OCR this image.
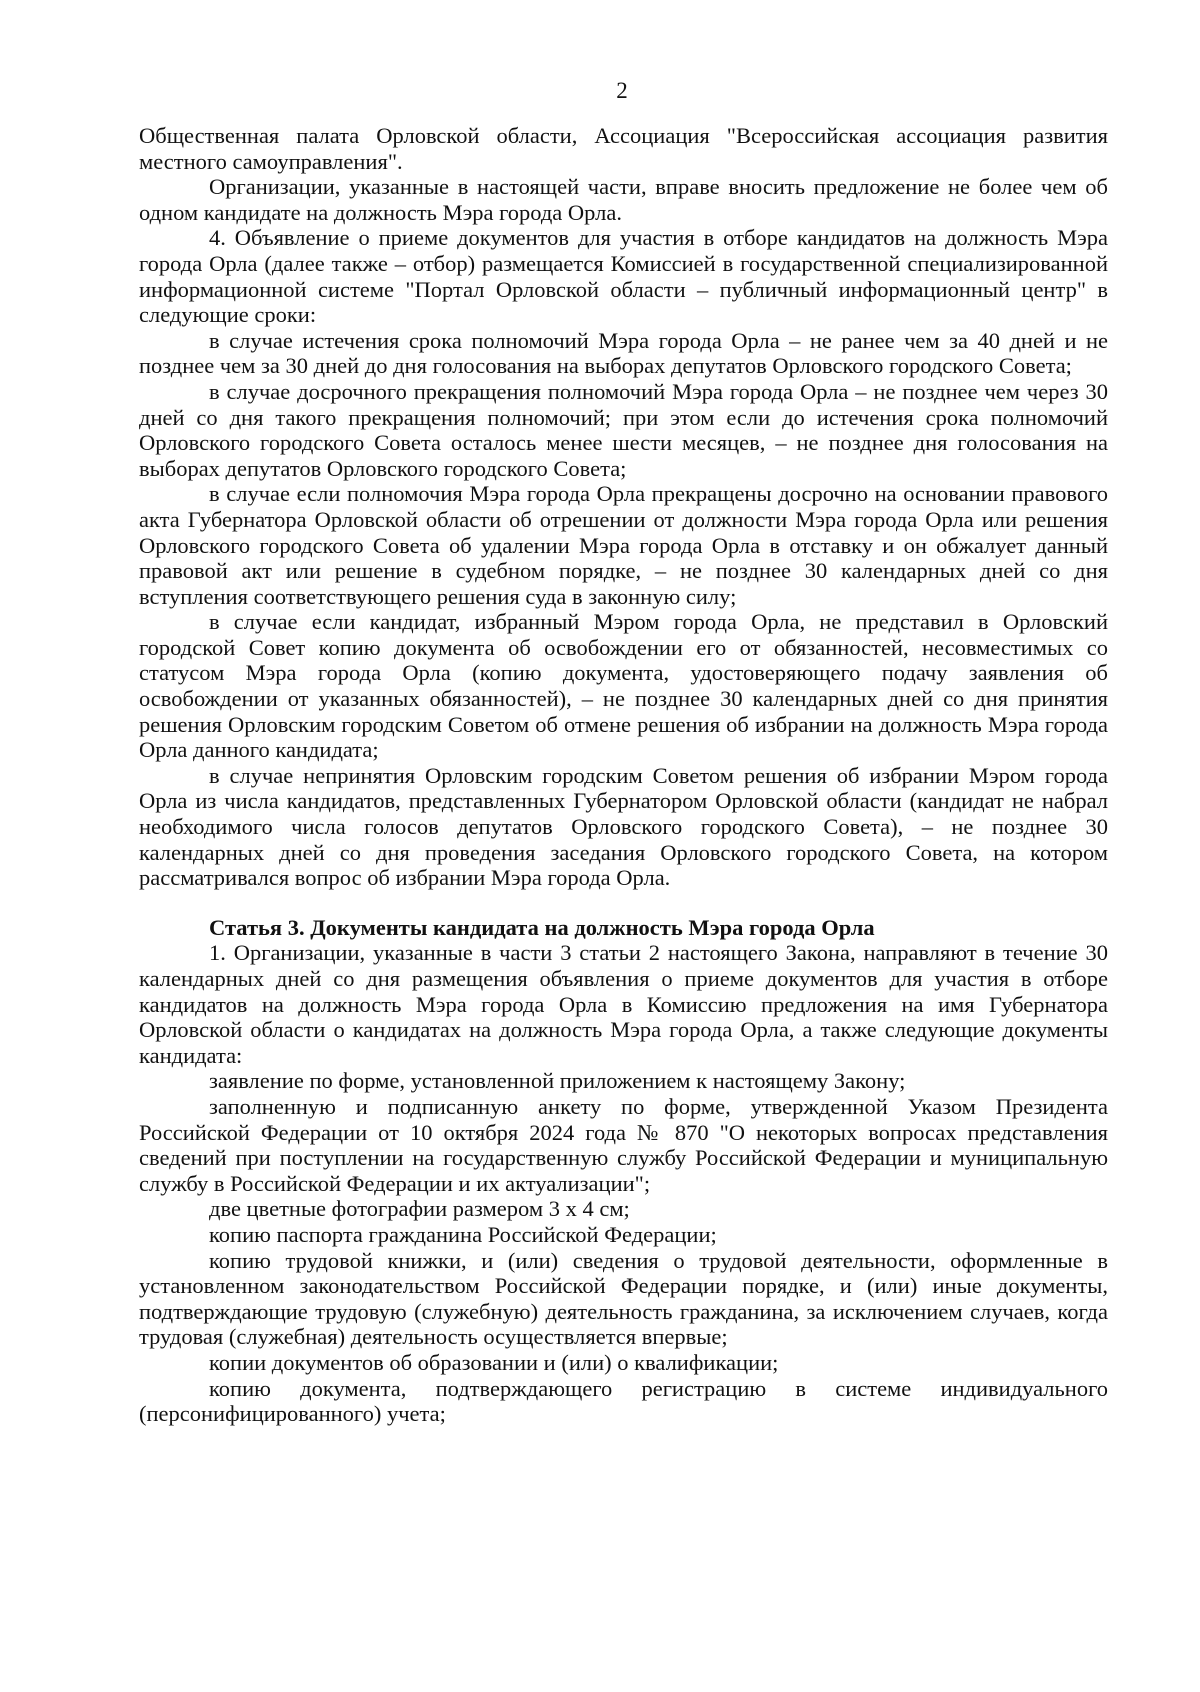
2

Общественная палата Орловской области, Ассоциация "Всероссийская ассоциация развития местного самоуправления".

Организации, указанные в настоящей части, вправе вносить предложение не более чем об одном кандидате на должность Мэра города Орла.

4. Объявление о приеме документов для участия в отборе кандидатов на должность Мэра города Орла (далее также – отбор) размещается Комиссией в государственной специализированной информационной системе "Портал Орловской области – публичный информационный центр" в следующие сроки:

в случае истечения срока полномочий Мэра города Орла – не ранее чем за 40 дней и не позднее чем за 30 дней до дня голосования на выборах депутатов Орловского городского Совета;

в случае досрочного прекращения полномочий Мэра города Орла – не позднее чем через 30 дней со дня такого прекращения полномочий; при этом если до истечения срока полномочий Орловского городского Совета осталось менее шести месяцев, – не позднее дня голосования на выборах депутатов Орловского городского Совета;

в случае если полномочия Мэра города Орла прекращены досрочно на основании правового акта Губернатора Орловской области об отрешении от должности Мэра города Орла или решения Орловского городского Совета об удалении Мэра города Орла в отставку и он обжалует данный правовой акт или решение в судебном порядке, – не позднее 30 календарных дней со дня вступления соответствующего решения суда в законную силу;

в случае если кандидат, избранный Мэром города Орла, не представил в Орловский городской Совет копию документа об освобождении его от обязанностей, несовместимых со статусом Мэра города Орла (копию документа, удостоверяющего подачу заявления об освобождении от указанных обязанностей), – не позднее 30 календарных дней со дня принятия решения Орловским городским Советом об отмене решения об избрании на должность Мэра города Орла данного кандидата;

в случае непринятия Орловским городским Советом решения об избрании Мэром города Орла из числа кандидатов, представленных Губернатором Орловской области (кандидат не набрал необходимого числа голосов депутатов Орловского городского Совета), – не позднее 30 календарных дней со дня проведения заседания Орловского городского Совета, на котором рассматривался вопрос об избрании Мэра города Орла.

Статья 3. Документы кандидата на должность Мэра города Орла

1. Организации, указанные в части 3 статьи 2 настоящего Закона, направляют в течение 30 календарных дней со дня размещения объявления о приеме документов для участия в отборе кандидатов на должность Мэра города Орла в Комиссию предложения на имя Губернатора Орловской области о кандидатах на должность Мэра города Орла, а также следующие документы кандидата:

заявление по форме, установленной приложением к настоящему Закону;

заполненную и подписанную анкету по форме, утвержденной Указом Президента Российской Федерации от 10 октября 2024 года № 870 "О некоторых вопросах представления сведений при поступлении на государственную службу Российской Федерации и муниципальную службу в Российской Федерации и их актуализации";

две цветные фотографии размером 3 х 4 см;

копию паспорта гражданина Российской Федерации;

копию трудовой книжки, и (или) сведения о трудовой деятельности, оформленные в установленном законодательством Российской Федерации порядке, и (или) иные документы, подтверждающие трудовую (служебную) деятельность гражданина, за исключением случаев, когда трудовая (служебная) деятельность осуществляется впервые;

копии документов об образовании и (или) о квалификации;

копию документа, подтверждающего регистрацию в системе индивидуального (персонифицированного) учета;
